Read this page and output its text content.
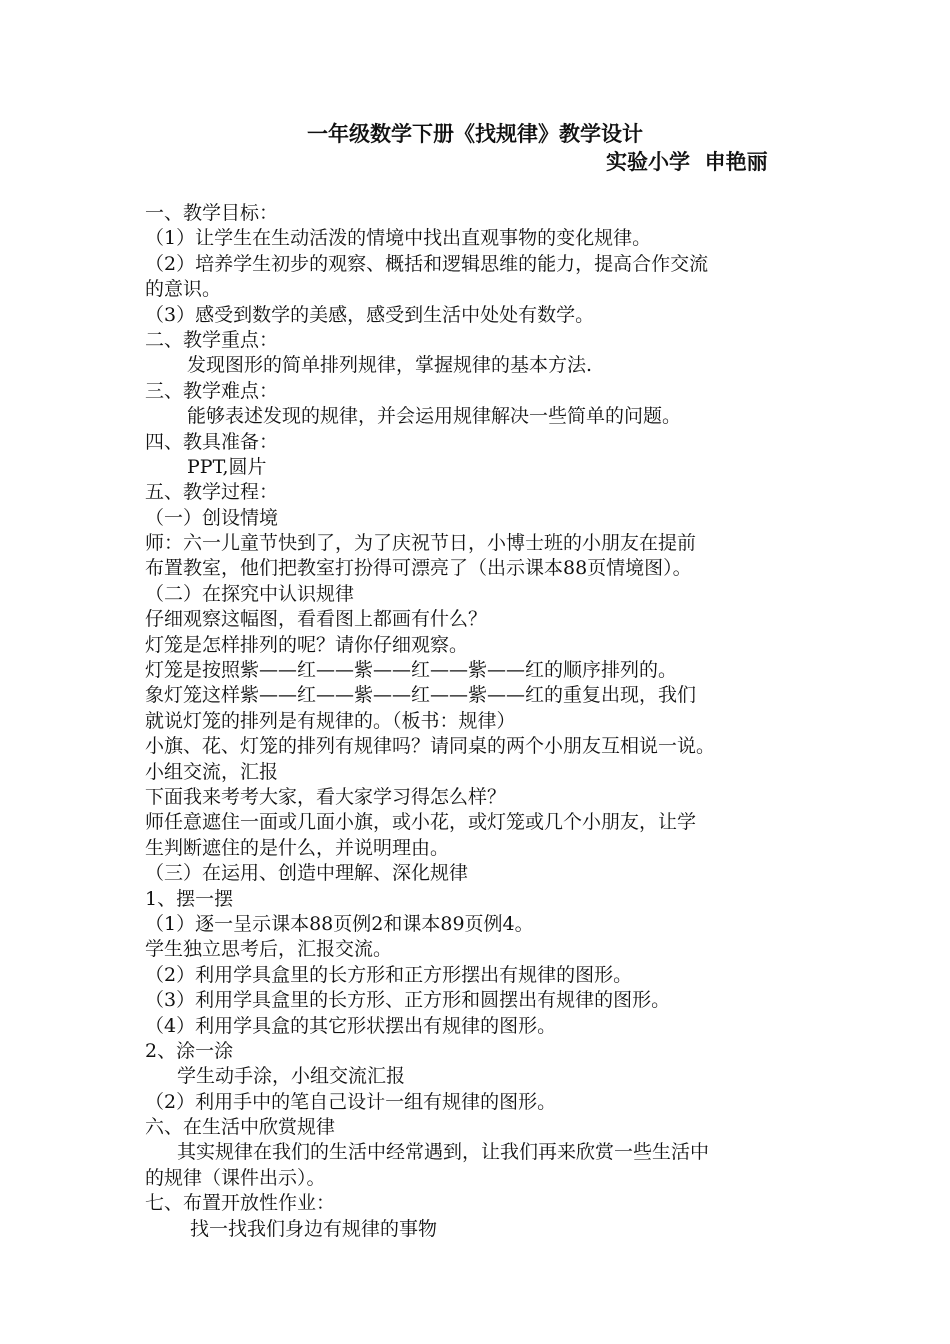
一年级数学下册《找规律》教学设计
实验小学  申艳丽
一、教学目标：
（1）让学生在生动活泼的情境中找出直观事物的变化规律。
（2）培养学生初步的观察、概括和逻辑思维的能力，提高合作交流
的意识。
（3）感受到数学的美感，感受到生活中处处有数学。
二、教学重点：
发现图形的简单排列规律，掌握规律的基本方法.
三、教学难点：
能够表述发现的规律，并会运用规律解决一些简单的问题。
四、教具准备：
PPT,圆片
五、教学过程：
（一）创设情境
师：六一儿童节快到了，为了庆祝节日，小博士班的小朋友在提前
布置教室，他们把教室打扮得可漂亮了（出示课本88页情境图）。
（二）在探究中认识规律
仔细观察这幅图，看看图上都画有什么？
灯笼是怎样排列的呢？请你仔细观察。
灯笼是按照紫——红——紫——红——紫——红的顺序排列的。
象灯笼这样紫——红——紫——红——紫——红的重复出现，我们
就说灯笼的排列是有规律的。（板书：规律）
小旗、花、灯笼的排列有规律吗？请同桌的两个小朋友互相说一说。
小组交流，汇报
下面我来考考大家，看大家学习得怎么样？
师任意遮住一面或几面小旗，或小花，或灯笼或几个小朋友，让学
生判断遮住的是什么，并说明理由。
（三）在运用、创造中理解、深化规律
1、摆一摆
（1）逐一呈示课本88页例2和课本89页例4。
学生独立思考后，汇报交流。
（2）利用学具盒里的长方形和正方形摆出有规律的图形。
（3）利用学具盒里的长方形、正方形和圆摆出有规律的图形。
（4）利用学具盒的其它形状摆出有规律的图形。
2、涂一涂
学生动手涂，小组交流汇报
（2）利用手中的笔自己设计一组有规律的图形。
六、在生活中欣赏规律
其实规律在我们的生活中经常遇到，让我们再来欣赏一些生活中
的规律（课件出示）。
七、布置开放性作业：
找一找我们身边有规律的事物
